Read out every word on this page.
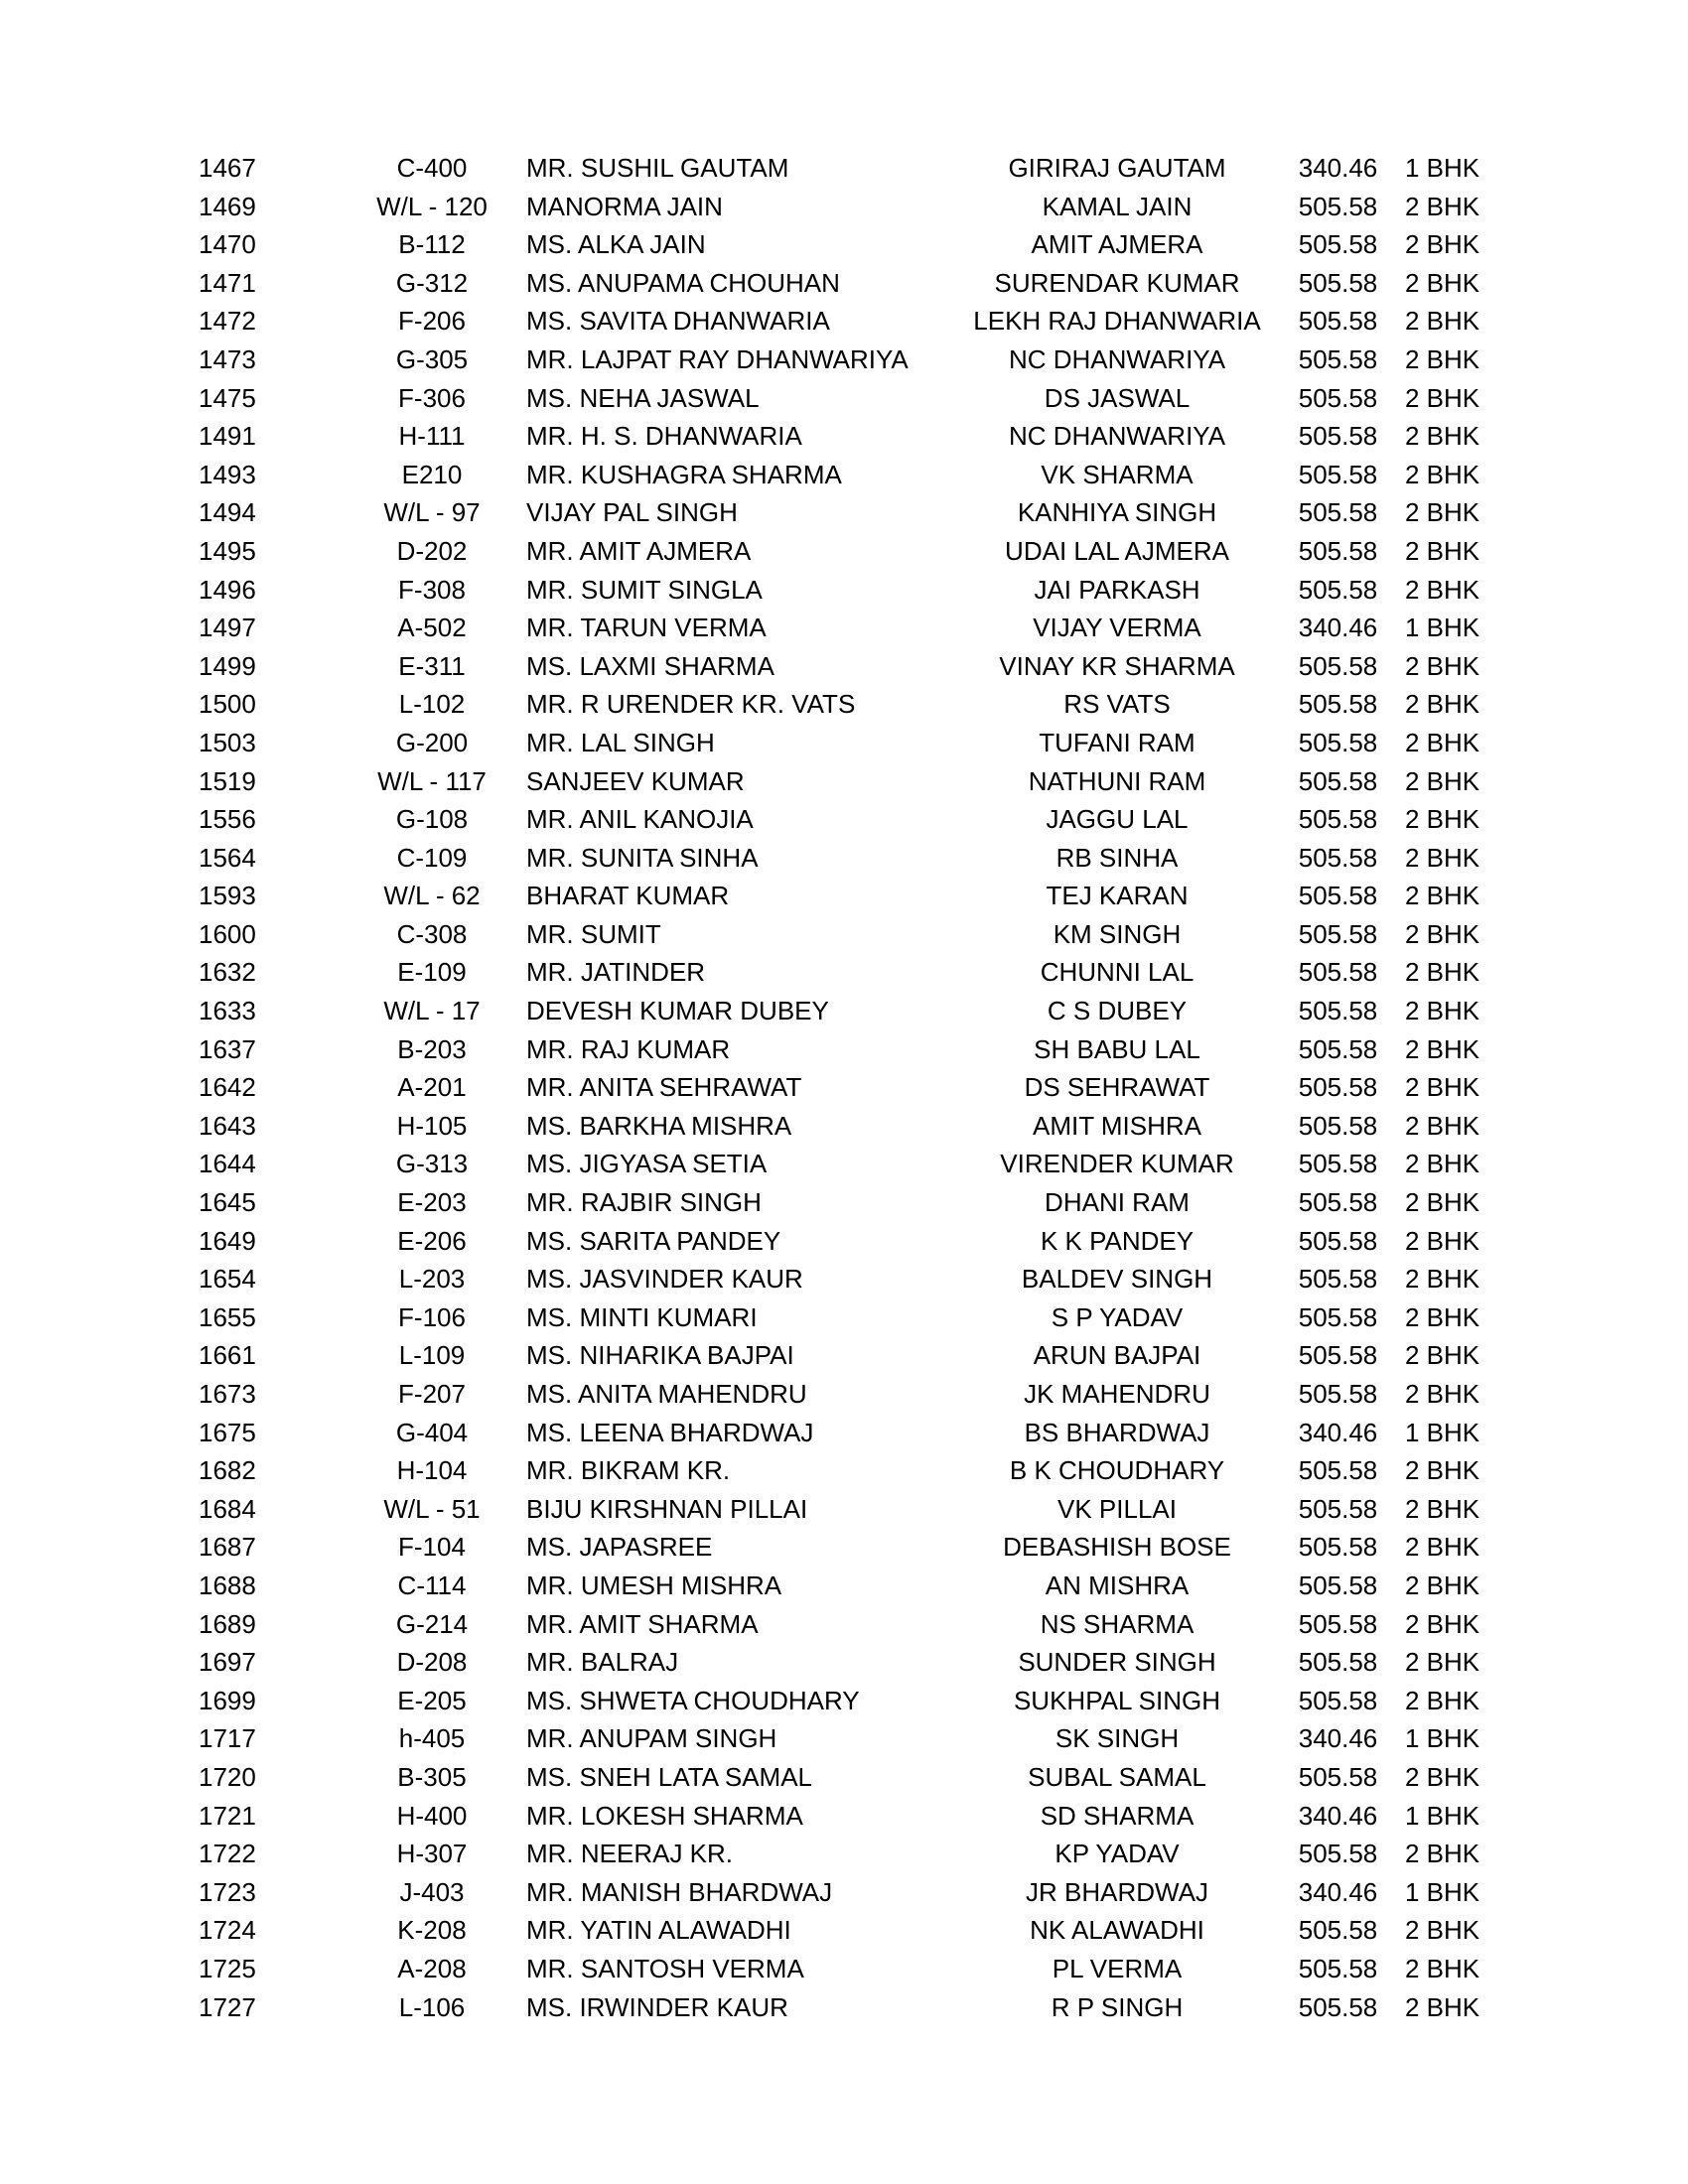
1467	C-400	MR. SUSHIL GAUTAM	GIRIRAJ GAUTAM	340.46	1 BHK
1469	W/L - 120	MANORMA JAIN	KAMAL JAIN	505.58	2 BHK
1470	B-112	MS. ALKA JAIN	AMIT AJMERA	505.58	2 BHK
1471	G-312	MS. ANUPAMA CHOUHAN	SURENDAR KUMAR	505.58	2 BHK
1472	F-206	MS. SAVITA DHANWARIA	LEKH RAJ DHANWARIA	505.58	2 BHK
1473	G-305	MR. LAJPAT RAY DHANWARIYA	NC DHANWARIYA	505.58	2 BHK
1475	F-306	MS. NEHA JASWAL	DS JASWAL	505.58	2 BHK
1491	H-111	MR. H. S. DHANWARIA	NC DHANWARIYA	505.58	2 BHK
1493	E210	MR. KUSHAGRA SHARMA	VK SHARMA	505.58	2 BHK
1494	W/L - 97	VIJAY PAL SINGH	KANHIYA SINGH	505.58	2 BHK
1495	D-202	MR. AMIT AJMERA	UDAI LAL AJMERA	505.58	2 BHK
1496	F-308	MR. SUMIT SINGLA	JAI PARKASH	505.58	2 BHK
1497	A-502	MR. TARUN VERMA	VIJAY VERMA	340.46	1 BHK
1499	E-311	MS. LAXMI SHARMA	VINAY KR SHARMA	505.58	2 BHK
1500	L-102	MR. R URENDER KR. VATS	RS VATS	505.58	2 BHK
1503	G-200	MR. LAL SINGH	TUFANI RAM	505.58	2 BHK
1519	W/L - 117	SANJEEV KUMAR	NATHUNI RAM	505.58	2 BHK
1556	G-108	MR. ANIL KANOJIA	JAGGU LAL	505.58	2 BHK
1564	C-109	MR. SUNITA SINHA	RB SINHA	505.58	2 BHK
1593	W/L - 62	BHARAT KUMAR	TEJ KARAN	505.58	2 BHK
1600	C-308	MR. SUMIT	KM SINGH	505.58	2 BHK
1632	E-109	MR. JATINDER	CHUNNI LAL	505.58	2 BHK
1633	W/L - 17	DEVESH KUMAR DUBEY	C S DUBEY	505.58	2 BHK
1637	B-203	MR. RAJ KUMAR	SH BABU LAL	505.58	2 BHK
1642	A-201	MR. ANITA SEHRAWAT	DS SEHRAWAT	505.58	2 BHK
1643	H-105	MS. BARKHA MISHRA	AMIT MISHRA	505.58	2 BHK
1644	G-313	MS. JIGYASA SETIA	VIRENDER KUMAR	505.58	2 BHK
1645	E-203	MR. RAJBIR SINGH	DHANI RAM	505.58	2 BHK
1649	E-206	MS. SARITA PANDEY	K K PANDEY	505.58	2 BHK
1654	L-203	MS. JASVINDER KAUR	BALDEV SINGH	505.58	2 BHK
1655	F-106	MS. MINTI KUMARI	S P YADAV	505.58	2 BHK
1661	L-109	MS. NIHARIKA BAJPAI	ARUN BAJPAI	505.58	2 BHK
1673	F-207	MS. ANITA MAHENDRU	JK MAHENDRU	505.58	2 BHK
1675	G-404	MS. LEENA BHARDWAJ	BS BHARDWAJ	340.46	1 BHK
1682	H-104	MR. BIKRAM KR.	B K CHOUDHARY	505.58	2 BHK
1684	W/L - 51	BIJU KIRSHNAN PILLAI	VK PILLAI	505.58	2 BHK
1687	F-104	MS. JAPASREE	DEBASHISH BOSE	505.58	2 BHK
1688	C-114	MR. UMESH MISHRA	AN MISHRA	505.58	2 BHK
1689	G-214	MR. AMIT SHARMA	NS SHARMA	505.58	2 BHK
1697	D-208	MR. BALRAJ	SUNDER SINGH	505.58	2 BHK
1699	E-205	MS. SHWETA CHOUDHARY	SUKHPAL SINGH	505.58	2 BHK
1717	h-405	MR. ANUPAM SINGH	SK SINGH	340.46	1 BHK
1720	B-305	MS. SNEH LATA SAMAL	SUBAL SAMAL	505.58	2 BHK
1721	H-400	MR. LOKESH SHARMA	SD SHARMA	340.46	1 BHK
1722	H-307	MR. NEERAJ KR.	KP YADAV	505.58	2 BHK
1723	J-403	MR. MANISH BHARDWAJ	JR BHARDWAJ	340.46	1 BHK
1724	K-208	MR. YATIN ALAWADHI	NK ALAWADHI	505.58	2 BHK
1725	A-208	MR. SANTOSH VERMA	PL VERMA	505.58	2 BHK
1727	L-106	MS. IRWINDER KAUR	R P SINGH	505.58	2 BHK
